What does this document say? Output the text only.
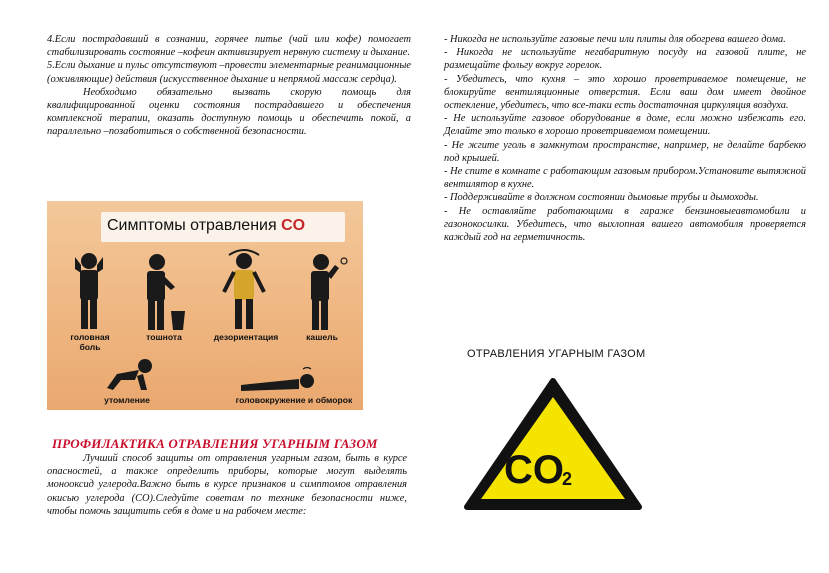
4.Если пострадавший в сознании, горячее питье (чай или кофе) помогает стабилизировать состояние –кофеин активизирует нервную систему и дыхание.

5.Если дыхание и пульс отсутствуют –провести элементарные реанимационные (оживляющие) действия (искусственное дыхание и непрямой массаж сердца).

Необходимо обязательно вызвать скорую помощь для квалифицированной оценки состояния пострадавшего и обеспечения комплексной терапии, оказать доступную помощь и обеспечить покой, а параллельно –позаботиться о собственной безопасности.

Симптомы отравления CO
головная боль
тошнота	дезориентация	кашель
утомление	головокружение и обморок
ПРОФИЛАКТИКА ОТРАВЛЕНИЯ УГАРНЫМ ГАЗОМ

Лучший способ защиты от отравления угарным газом, быть в курсе опасностей, а также определить приборы, которые могут выделять монооксид углерода.Важно быть в курсе признаков и симптомов отравления окисью углерода (CO).Следуйте советам по технике безопасности ниже, чтобы помочь защитить себя в доме и на рабочем месте:

- Никогда не используйте газовые печи или плиты для обогрева вашего дома.

- Никогда не используйте негабаритную посуду на газовой плите, не размещайте фольгу вокруг горелок.

- Убедитесь, что кухня – это хорошо проветриваемое помещение, не блокируйте вентиляционные отверстия. Если ваш дом имеет двойное остекление, убедитесь, что все-таки есть достаточная циркуляция воздуха.

- Не используйте газовое оборудование в доме, если можно избежать его. Делайте это только в хорошо проветриваемом помещении.

- Не жгите уголь в замкнутом пространстве, например, не делайте барбекю под крышей.

- Не спите в комнате с работающим газовым прибором.Установите вытяжной вентилятор в кухне.

- Поддерживайте в должном состоянии дымовые трубы и дымоходы.

- Не оставляйте работающими в гараже бензиновыеавтомобили и газонокосилки. Убедитесь, что выхлопная вашего автомобиля проверяется каждый год на герметичность.

ОТРАВЛЕНИЯ УГАРНЫМ ГАЗОМ
CO
2
